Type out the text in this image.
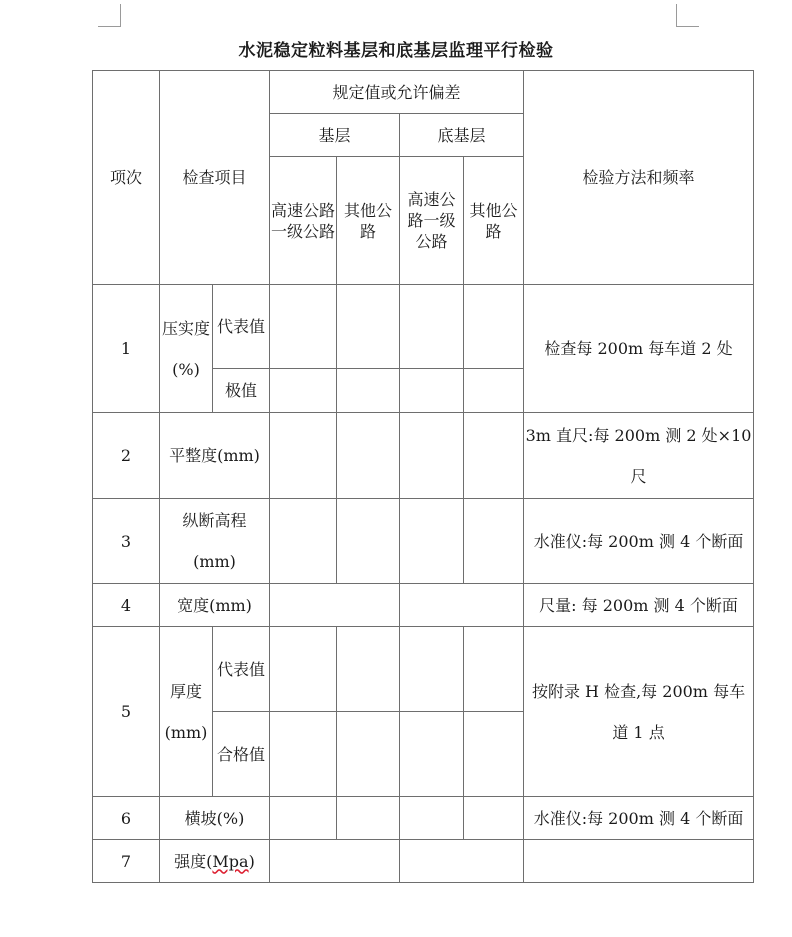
水泥稳定粒料基层和底基层监理平行检验
项次	检查项目		规定值或允许偏差				检验方法和频率
			基层		底基层		
			高速公路一级公路	其他公路	高速公路一级公路	其他公路	
1	压实度(%)	代表值					检查每 200m 每车道 2 处
		极值					
2	平整度(mm)						3m 直尺:每 200m 测 2 处×10 尺
3	纵断高程(mm)						水准仪:每 200m 测 4 个断面
4	宽度(mm)						尺量: 每 200m 测 4 个断面
5	厚度(mm)	代表值					按附录 H 检查,每 200m 每车道 1 点
		合格值					
6	横坡(%)						水准仪:每 200m 测 4 个断面
7	强度(Mpa)						
